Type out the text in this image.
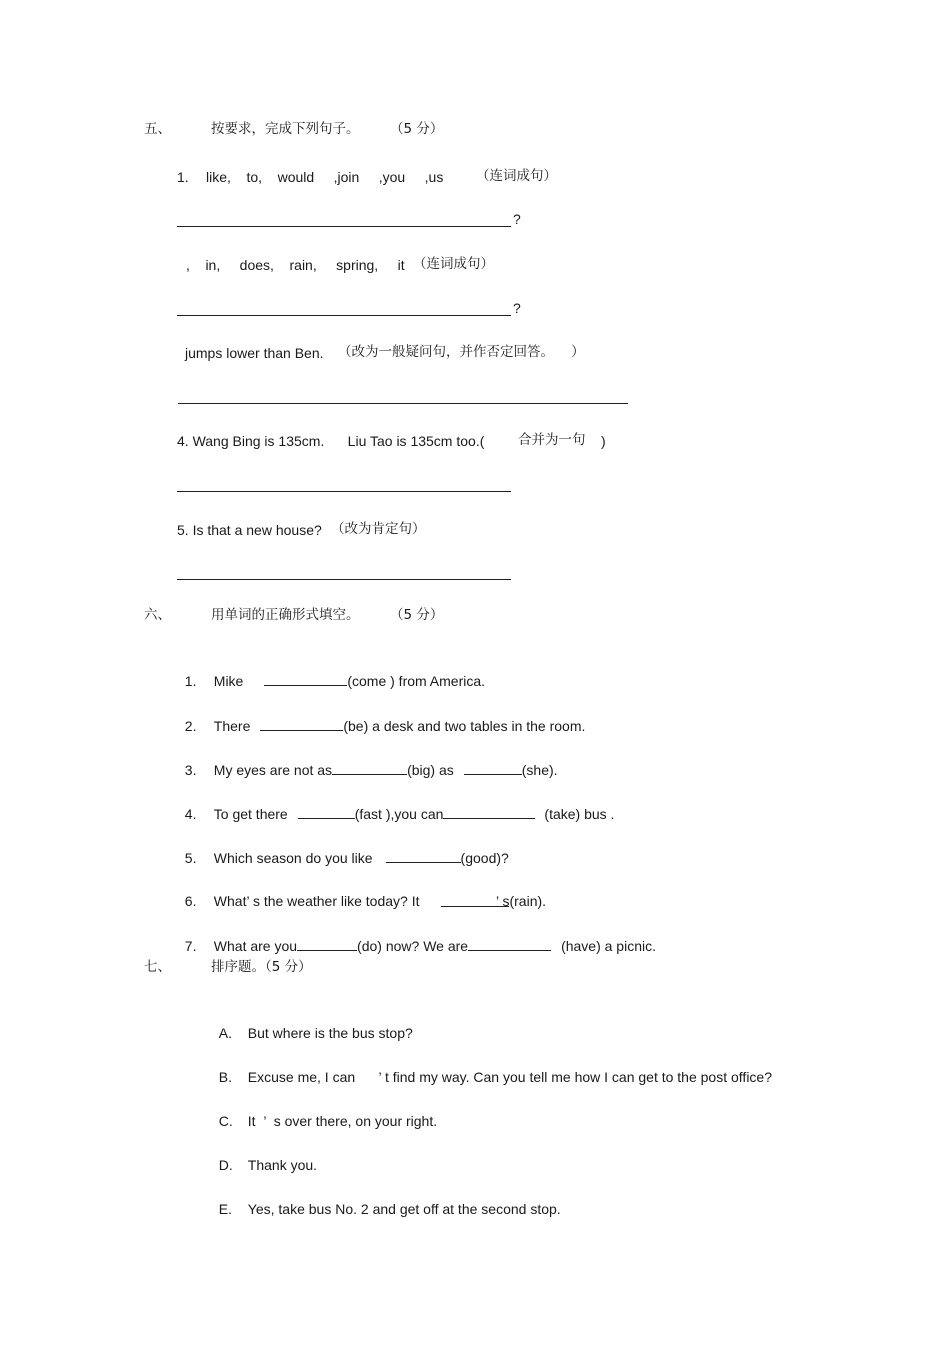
五、	按要求，完成下列句子。 （5 分）
1. like,    to,    would     ,join     ,you     ,us （连词成句）
?
,    in,     does,    rain,     spring,     it （连词成句）
?
jumps lower than Ben. （改为一般疑问句，并作否定回答。    ）
4. Wang Bing is 135cm.      Liu Tao is 135cm too.( 合并为一句 )
5. Is that a new house? （改为肯定句）
六、	用单词的正确形式填空。 （5 分）

1. Mike	(come ) from America.

2. There	(be) a desk and two tables in the room.

3. My eyes are not as	(big) as	(she).

4. To get there	(fast ),you can	(take) bus .

5. Which season do you like	(good)?

6. What’ s the weather like today? It	’ s(rain).

7. What are you	(do) now? We are	(have) a picnic.

七、	排序题。（5 分）

A. But where is the bus stop?

B. Excuse me, I can      ’ t find my way. Can you tell me how I can get to the post office?

C. It  ’  s over there, on your right.

D. Thank you.

E. Yes, take bus No. 2 and get off at the second stop.
